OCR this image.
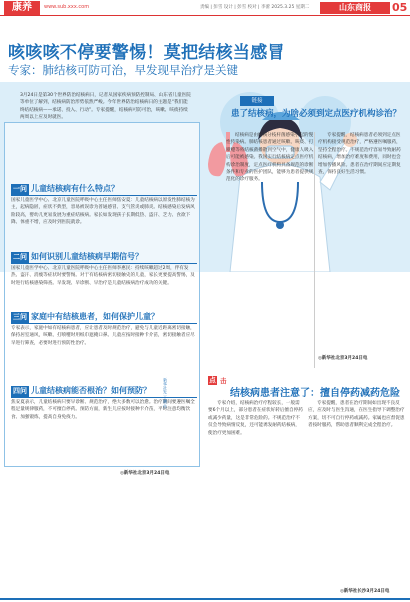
康养	www.sub.xxx.com	责编 | 彭雪 设计 | 彭雪 校对 | 李蕾 2025.3.25 星期二	山东商报	05
咳咳咳不停要警惕！莫把结核当感冒
专家：肺结核可防可治，早发现早治疗是关键
3月24日是第30个世界防治结核病日，记者从国家疾病预防控制局、山东省儿童医院等单位了解到，结核病防治形势依然严峻。今年世界防治结核病日的主题是“我们能终结结核病——承诺、投入、行动”。专家提醒，结核病可防可治，咳嗽、咳痰持续两周以上应及时就医。
一问 儿童结核病有什么特点？
国家儿童医学中心、北京儿童医院呼吸中心主任医师焦安夏：儿童结核病以原发性肺结核为主，起病隐匿，症状不典型，容易被误诊为普通感冒、支气管炎或肺炎。结核感染后发病风险较高，婴幼儿更易发展为重症结核病。家长如发现孩子长期低热、盗汗、乏力、食欲下降、体重不增，应及时到医院就诊。
二问 如何识别儿童结核病早期信号？
国家儿童医学中心、北京儿童医院呼吸中心主任医师李惠民：持续咳嗽超过2周，伴有发热、盗汗、消瘦等症状时要警惕。对于有结核病密切接触史的儿童，家长更要提高警惕，及时进行结核感染筛查。早发现、早诊断、早治疗是儿童结核病治疗成功的关键。
三问 家庭中有结核患者，如何保护儿童？
专家表示，家庭中如有结核病患者，应让患者及时规范治疗，避免与儿童近距离密切接触，保持居室通风，咳嗽、打喷嚏时用纸巾遮掩口鼻。儿童应按时接种卡介苗，密切接触者应尽早进行筛查，必要时进行预防性治疗。
四问 儿童结核病能否根治？如何预防？
焦安夏表示，儿童结核病只要早诊断、规范治疗，绝大多数可以治愈。治疗期间要遵医嘱全程足量规律服药，不可擅自停药。预防方面，新生儿应按时接种卡介苗，平时注意均衡饮食、加强锻炼，提高自身免疫力。
新华社发 王鹏 作
◎新华社北京3月24日电
链接
患了结核病，为啥必须到定点医疗机构诊治？
结核病是由结核分枝杆菌感染引起的慢性传染病。肺结核患者通过咳嗽、咳痰、打喷嚏等将结核菌播散到空气中，健康人吸入后可能被感染。我国实行结核病定点医疗机构诊治制度，定点医疗机构具备规范的诊断条件和专业的医护团队，能够为患者提供规范化的诊疗服务。
专家提醒，结核病患者必须到定点医疗机构接受规范治疗，严格遵医嘱服药，坚持全程治疗。不规范治疗容易导致耐药结核病，增加治疗难度和费用，同时也会增加传播风险。患者在治疗期间应定期复查，保持良好生活习惯。
◎新华社北京3月24日电
点 击
结核病患者注意了：擅自停药减药危险
专家介绍，结核病治疗疗程较长，一般需要6个月以上，部分患者在症状好转后擅自停药或减少药量，这是非常危险的。不规范治疗不仅会导致病情反复，还可能诱发耐药结核病，使治疗更加困难。
专家提醒，患者在治疗期间如出现不良反应，应及时与医生沟通，在医生指导下调整治疗方案，切不可自行停药或减药。家属也应督促患者按时服药，帮助患者顺利完成全程治疗。
◎新华社长沙3月24日电
